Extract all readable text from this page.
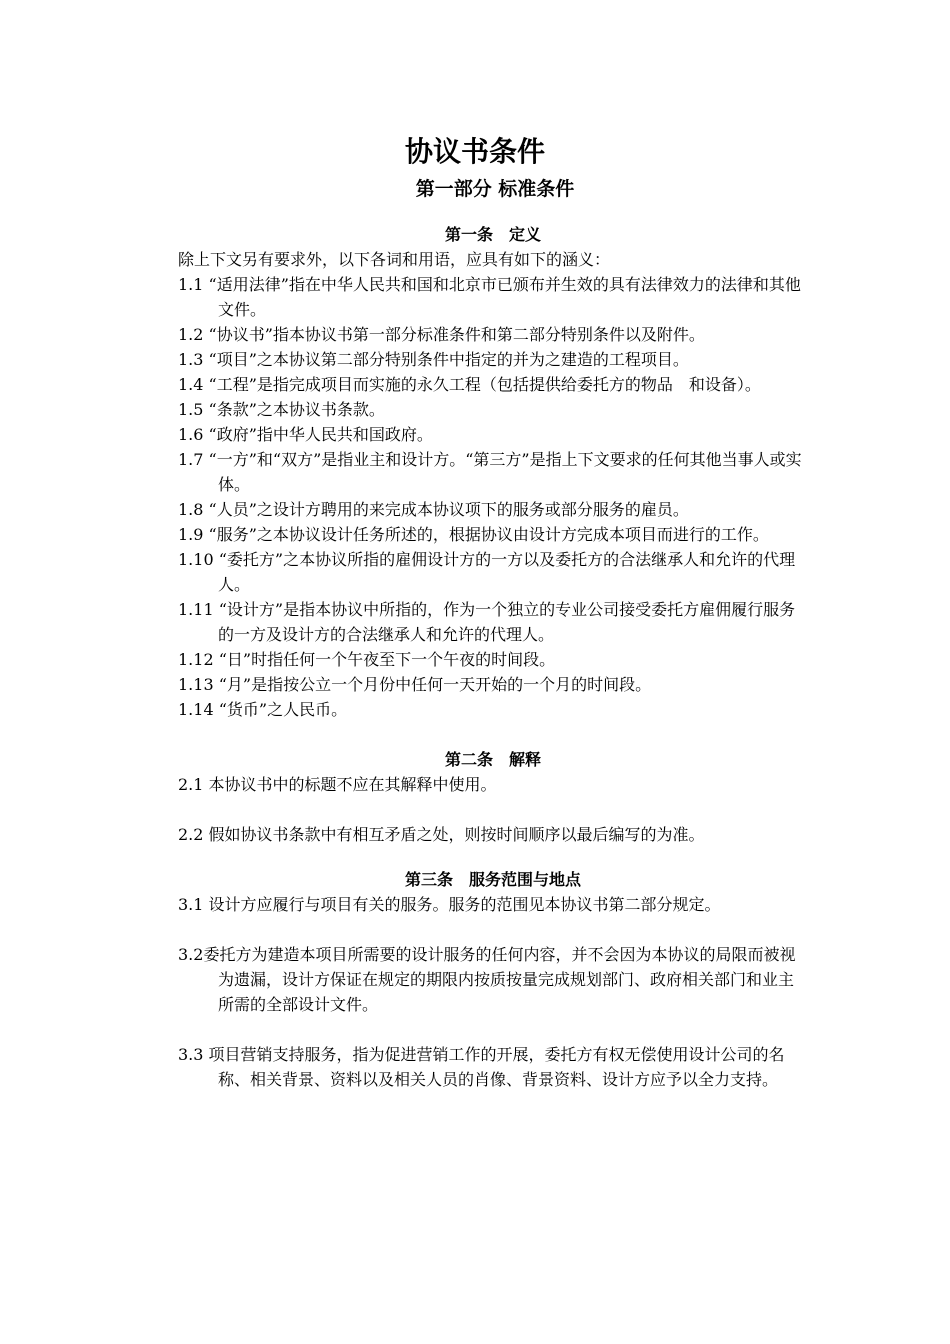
协议书条件
第一部分 标准条件
第一条　定义

除上下文另有要求外，以下各词和用语，应具有如下的涵义：

1.1 “适用法律”指在中华人民共和国和北京市已颁布并生效的具有法律效力的法律和其他文件。

1.2 “协议书”指本协议书第一部分标准条件和第二部分特别条件以及附件。

1.3 “项目”之本协议第二部分特别条件中指定的并为之建造的工程项目。

1.4 “工程”是指完成项目而实施的永久工程（包括提供给委托方的物品　和设备）。

1.5 “条款”之本协议书条款。

1.6 “政府”指中华人民共和国政府。

1.7 “一方”和“双方”是指业主和设计方。“第三方”是指上下文要求的任何其他当事人或实体。

1.8 “人员”之设计方聘用的来完成本协议项下的服务或部分服务的雇员。

1.9 “服务”之本协议设计任务所述的，根据协议由设计方完成本项目而进行的工作。

1.10 “委托方”之本协议所指的雇佣设计方的一方以及委托方的合法继承人和允许的代理人。

1.11 “设计方”是指本协议中所指的，作为一个独立的专业公司接受委托方雇佣履行服务的一方及设计方的合法继承人和允许的代理人。

1.12 “日”时指任何一个午夜至下一个午夜的时间段。

1.13 “月”是指按公立一个月份中任何一天开始的一个月的时间段。

1.14 “货币”之人民币。

第二条　解释

2.1 本协议书中的标题不应在其解释中使用。

2.2 假如协议书条款中有相互矛盾之处，则按时间顺序以最后编写的为准。

第三条　服务范围与地点

3.1 设计方应履行与项目有关的服务。服务的范围见本协议书第二部分规定。

3.2委托方为建造本项目所需要的设计服务的任何内容，并不会因为本协议的局限而被视为遗漏，设计方保证在规定的期限内按质按量完成规划部门、政府相关部门和业主所需的全部设计文件。

3.3 项目营销支持服务，指为促进营销工作的开展，委托方有权无偿使用设计公司的名称、相关背景、资料以及相关人员的肖像、背景资料、设计方应予以全力支持。
